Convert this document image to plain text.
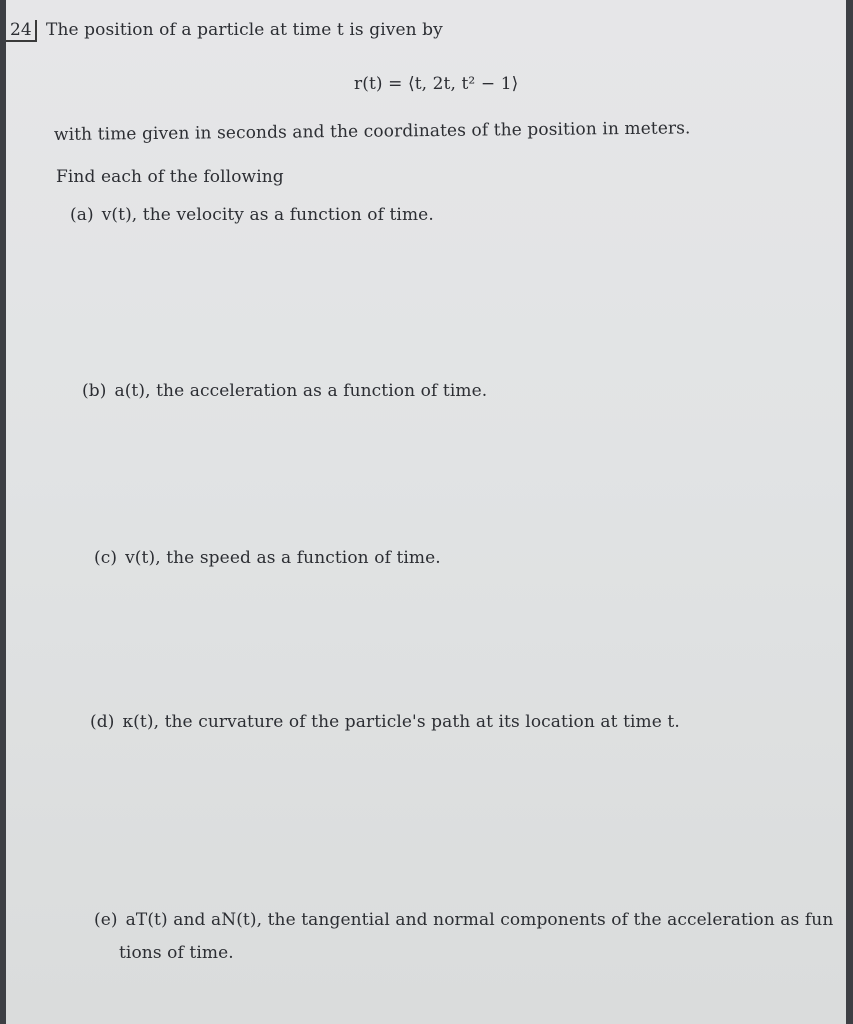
24 The position of a particle at time t is given by
r(t) = ⟨t, 2t, t² − 1⟩
with time given in seconds and the coordinates of the position in meters.
Find each of the following
(a) v(t), the velocity as a function of time.
(b) a(t), the acceleration as a function of time.
(c) v(t), the speed as a function of time.
(d) κ(t), the curvature of the particle's path at its location at time t.
(e) aT(t) and aN(t), the tangential and normal components of the acceleration as fun
tions of time.
